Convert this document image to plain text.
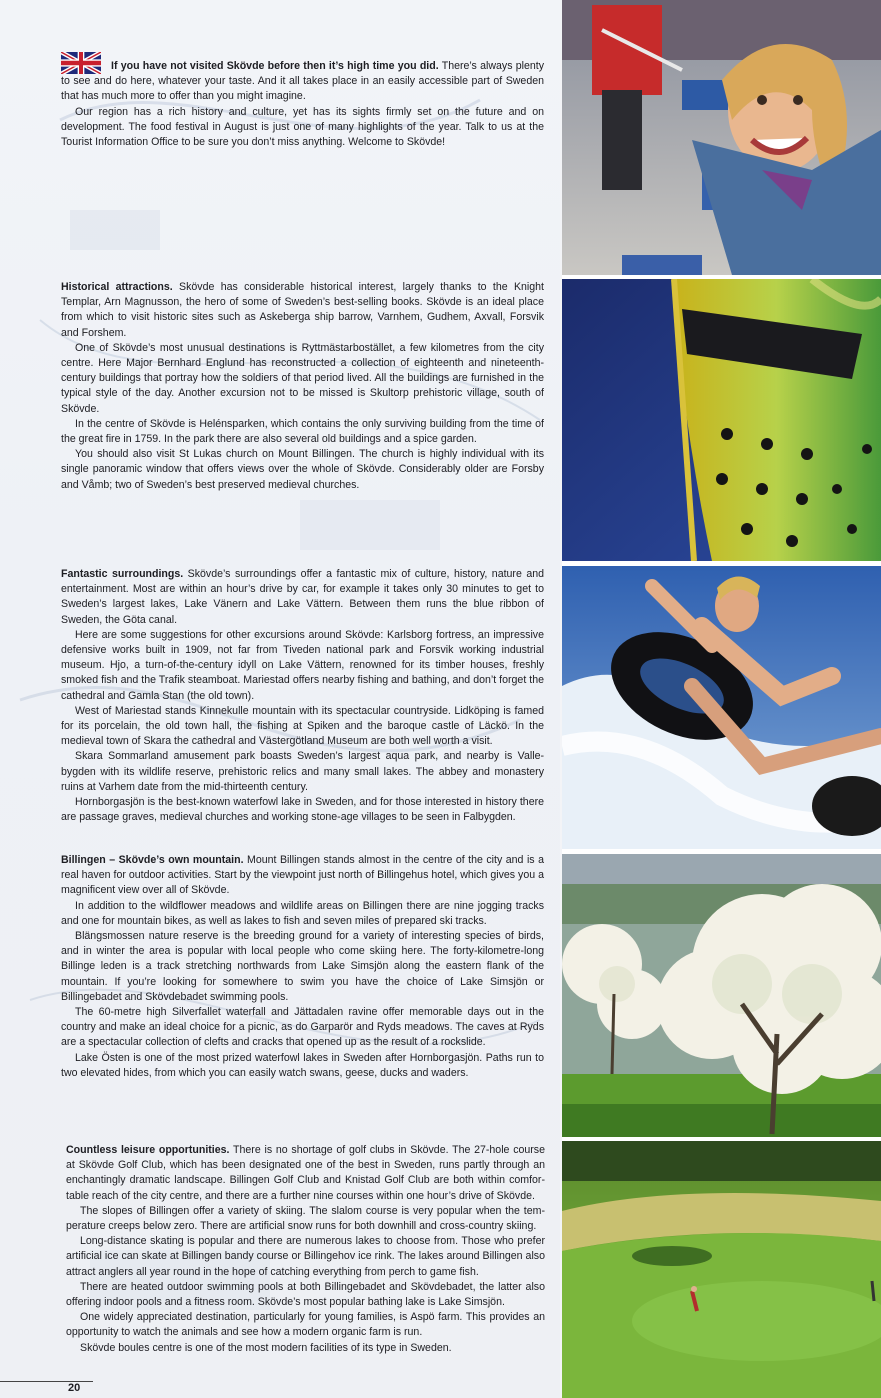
If you have not visited Skövde before then it’s high time you did. There’s always plenty to see and do here, whatever your taste. And it all takes place in an easily accessible part of Sweden that has much more to offer than you might imagine.

Our region has a rich history and culture, yet has its sights firmly set on the future and on development. The food festival in August is just one of many highlights of the year. Talk to us at the Tourist Information Office to be sure you don’t miss anything. Welcome to Skövde!

Historical attractions. Skövde has considerable historical interest, largely thanks to the Knight Templar, Arn Magnusson, the hero of some of Sweden’s best-selling books. Skövde is an ideal place from which to visit historic sites such as Askeberga ship barrow, Varnhem, Gudhem, Axvall, Forsvik and Forshem.

One of Skövde’s most unusual destinations is Ryttmästarbostället, a few kilometres from the city centre. Here Major Bernhard Englund has reconstructed a collection of eighteenth and nineteenth-century buildings that portray how the soldiers of that period lived. All the buildings are furnished in the typical style of the day. Another excursion not to be missed is Skultorp prehistoric village, south of Skövde.

In the centre of Skövde is Helénsparken, which contains the only surviving building from the time of the great fire in 1759. In the park there are also several old buildings and a spice garden.

You should also visit St Lukas church on Mount Billingen. The church is highly individual with its single panoramic window that offers views over the whole of Skövde. Considerably older are Forsby and Våmb; two of Sweden’s best preserved medieval churches.

Fantastic surroundings. Skövde’s surroundings offer a fantastic mix of culture, history, nature and entertainment. Most are within an hour’s drive by car, for example it takes only 30 minutes to get to Sweden’s largest lakes, Lake Vänern and Lake Vättern. Between them runs the blue ribbon of Sweden, the Göta canal.

Here are some suggestions for other excursions around Skövde: Karlsborg fortress, an impressive defensive works built in 1909, not far from Tiveden national park and Forsvik working industrial museum. Hjo, a turn-of-the-century idyll on Lake Vättern, renowned for its timber houses, freshly smoked fish and the Trafik steamboat. Mariestad offers nearby fishing and bathing, and don’t forget the cathedral and Gamla Stan (the old town).

West of Mariestad stands Kinnekulle mountain with its spectacular countryside. Lidköping is famed for its porcelain, the old town hall, the fishing at Spiken and the baroque castle of Läckö. In the medieval town of Skara the cathedral and Västergötland Museum are both well worth a visit.

Skara Sommarland amusement park boasts Sweden’s largest aqua park, and nearby is Vallebygden with its wildlife reserve, prehistoric relics and many small lakes. The abbey and monastery ruins at Varhem date from the mid-thirteenth century.

Hornborgasjön is the best-known waterfowl lake in Sweden, and for those interested in history there are passage graves, medieval churches and working stone-age villages to be seen in Falbygden.

Billingen – Skövde’s own mountain. Mount Billingen stands almost in the centre of the city and is a real haven for outdoor activities. Start by the viewpoint just north of Billingehus hotel, which gives you a magnificent view over all of Skövde.

In addition to the wildflower meadows and wildlife areas on Billingen there are nine jogging tracks and one for mountain bikes, as well as lakes to fish and seven miles of prepared ski tracks.

Blängsmossen nature reserve is the breeding ground for a variety of interesting species of birds, and in winter the area is popular with local people who come skiing here. The forty-kilometre-long Billinge leden is a track stretching northwards from Lake Simsjön along the eastern flank of the mountain. If you’re looking for somewhere to swim you have the choice of Lake Simsjön or Billingebadet and Skövdebadet swimming pools.

The 60-metre high Silverfallet waterfall and Jättadalen ravine offer memorable days out in the country and make an ideal choice for a picnic, as do Garparör and Ryds meadows. The caves at Ryds are a spectacular collection of clefts and cracks that opened up as the result of a rockslide.

Lake Östen is one of the most prized waterfowl lakes in Sweden after Hornborgasjön. Paths run to two elevated hides, from which you can easily watch swans, geese, ducks and waders.

Countless leisure opportunities. There is no shortage of golf clubs in Skövde. The 27-hole course at Skövde Golf Club, which has been designated one of the best in Sweden, runs partly through an enchantingly dramatic landscape. Billingen Golf Club and Knistad Golf Club are both within comfortable reach of the city centre, and there are a further nine courses within one hour’s drive of Skövde.

The slopes of Billingen offer a variety of skiing. The slalom course is very popular when the temperature creeps below zero. There are artificial snow runs for both downhill and cross-country skiing.

Long-distance skating is popular and there are numerous lakes to choose from. Those who prefer artificial ice can skate at Billingen bandy course or Billingehov ice rink. The lakes around Billingen also attract anglers all year round in the hope of catching everything from perch to game fish.

There are heated outdoor swimming pools at both Billingebadet and Skövdebadet, the latter also offering indoor pools and a fitness room. Skövde’s most popular bathing lake is Lake Simsjön.

One widely appreciated destination, particularly for young families, is Aspö farm. This provides an opportunity to watch the animals and see how a modern organic farm is run.

Skövde boules centre is one of the most modern facilities of its type in Sweden.

20
